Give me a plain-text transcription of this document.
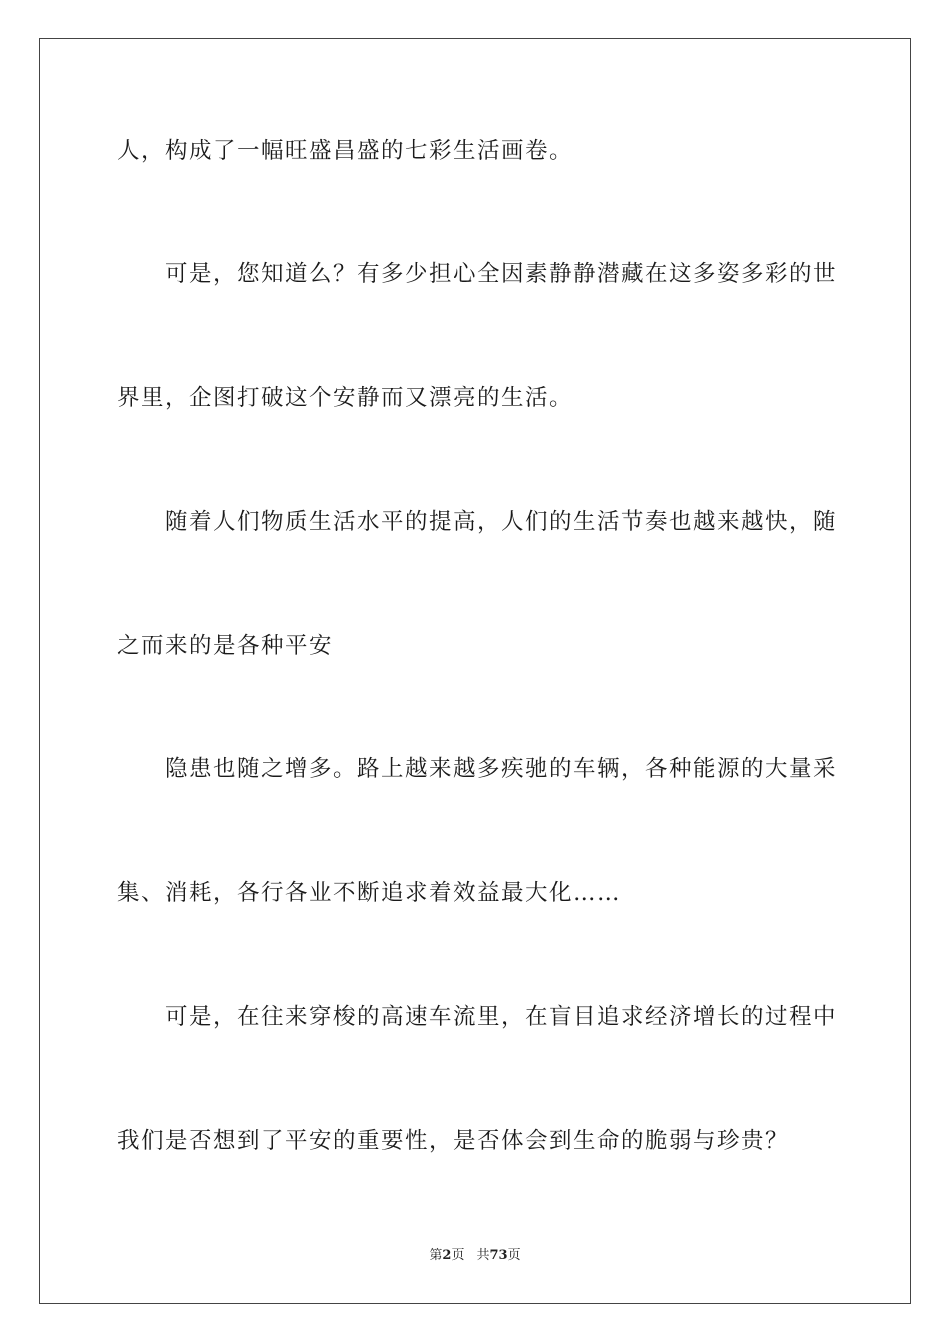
人，构成了一幅旺盛昌盛的七彩生活画卷。
可是，您知道么？有多少担心全因素静静潜藏在这多姿多彩的世
界里，企图打破这个安静而又漂亮的生活。
随着人们物质生活水平的提高，人们的生活节奏也越来越快，随
之而来的是各种平安
隐患也随之增多。路上越来越多疾驰的车辆，各种能源的大量采
集、消耗，各行各业不断追求着效益最大化……
可是，在往来穿梭的高速车流里，在盲目追求经济增长的过程中
我们是否想到了平安的重要性，是否体会到生命的脆弱与珍贵？
第2页 共73页
